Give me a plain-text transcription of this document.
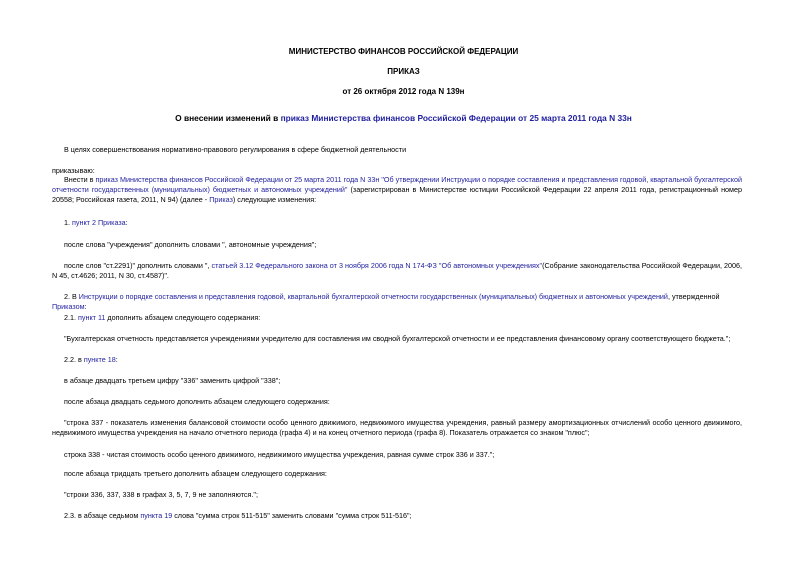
МИНИСТЕРСТВО ФИНАНСОВ РОССИЙСКОЙ ФЕДЕРАЦИИ
ПРИКАЗ
от 26 октября 2012 года N 139н
О внесении изменений в приказ Министерства финансов Российской Федерации от 25 марта 2011 года N 33н
В целях совершенствования нормативно-правового регулирования в сфере бюджетной деятельности
приказываю:
Внести в приказ Министерства финансов Российской Федерации от 25 марта 2011 года N 33н "Об утверждении Инструкции о порядке составления и представления годовой, квартальной бухгалтерской отчетности государственных (муниципальных) бюджетных и автономных учреждений" (зарегистрирован в Министерстве юстиции Российской Федерации 22 апреля 2011 года, регистрационный номер 20558; Российская газета, 2011, N 94) (далее - Приказ) следующие изменения:
1. пункт 2 Приказа:
после слова "учреждения" дополнить словами ", автономные учреждения";
после слов "ст.2291)" дополнить словами ", статьей 3.12 Федерального закона от 3 ноября 2006 года N 174-ФЗ "Об автономных учреждениях"(Собрание законодательства Российской Федерации, 2006, N 45, ст.4626; 2011, N 30, ст.4587)".
2. В Инструкции о порядке составления и представления годовой, квартальной бухгалтерской отчетности государственных (муниципальных) бюджетных и автономных учреждений, утвержденной Приказом:
2.1. пункт 11 дополнить абзацем следующего содержания:
"Бухгалтерская отчетность представляется учреждениями учредителю для составления им сводной бухгалтерской отчетности и ее представления финансовому органу соответствующего бюджета.";
2.2. в пункте 18:
в абзаце двадцать третьем цифру "336" заменить цифрой "338";
после абзаца двадцать седьмого дополнить абзацем следующего содержания:
"строка 337 - показатель изменения балансовой стоимости особо ценного движимого, недвижимого имущества учреждения, равный размеру амортизационных отчислений особо ценного движимого, недвижимого имущества учреждения на начало отчетного периода (графа 4) и на конец отчетного периода (графа 8). Показатель отражается со знаком "плюс";
строка 338 - чистая стоимость особо ценного движимого, недвижимого имущества учреждения, равная сумме строк 336 и 337.";
после абзаца тридцать третьего дополнить абзацем следующего содержания:
"строки 336, 337, 338 в графах 3, 5, 7, 9 не заполняются.";
2.3. в абзаце седьмом пункта 19 слова "сумма строк 511-515" заменить словами "сумма строк 511-516";
